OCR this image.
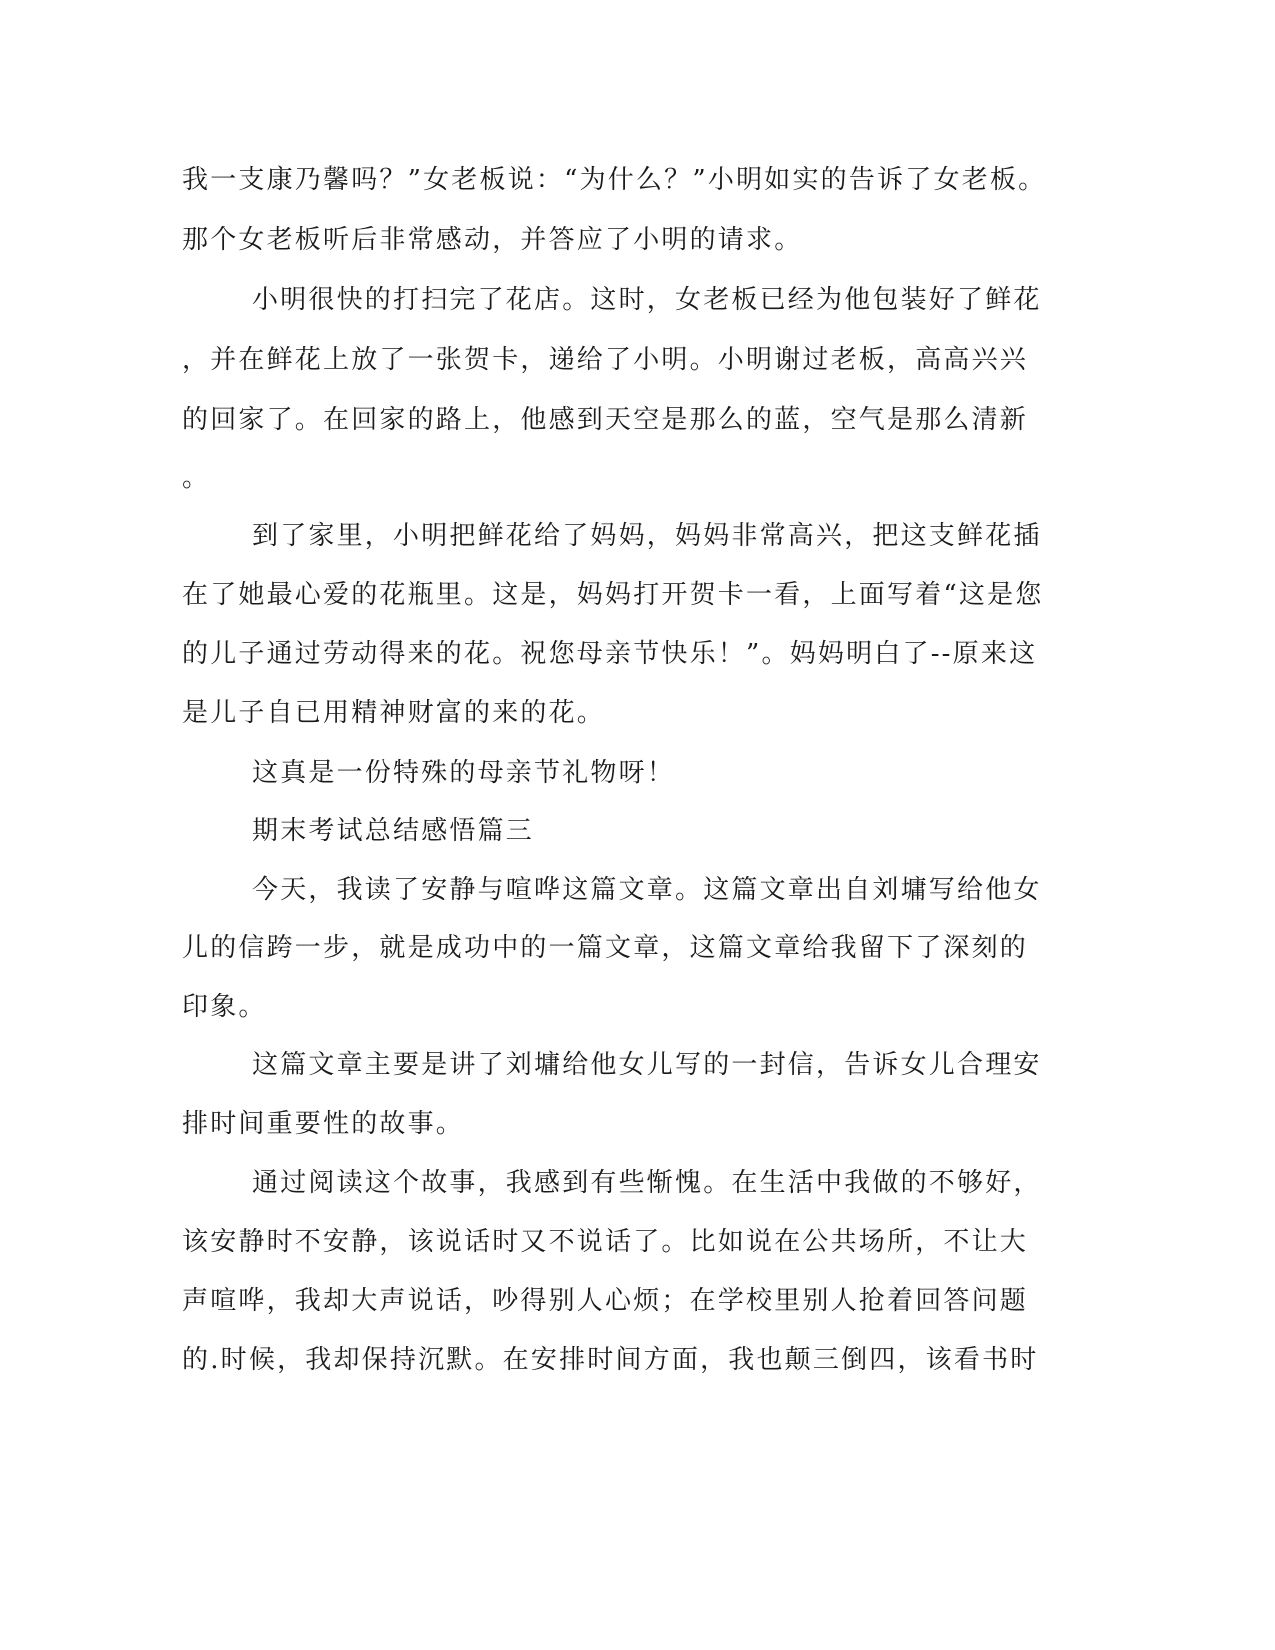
我一支康乃馨吗？”女老板说：“为什么？”小明如实的告诉了女老板。

那个女老板听后非常感动，并答应了小明的请求。

小明很快的打扫完了花店。这时，女老板已经为他包装好了鲜花

，并在鲜花上放了一张贺卡，递给了小明。小明谢过老板，高高兴兴

的回家了。在回家的路上，他感到天空是那么的蓝，空气是那么清新

。

到了家里，小明把鲜花给了妈妈，妈妈非常高兴，把这支鲜花插

在了她最心爱的花瓶里。这是，妈妈打开贺卡一看，上面写着“这是您

的儿子通过劳动得来的花。祝您母亲节快乐！”。妈妈明白了--原来这

是儿子自已用精神财富的来的花。

这真是一份特殊的母亲节礼物呀！

期末考试总结感悟篇三

今天，我读了安静与喧哗这篇文章。这篇文章出自刘墉写给他女

儿的信跨一步，就是成功中的一篇文章，这篇文章给我留下了深刻的

印象。

这篇文章主要是讲了刘墉给他女儿写的一封信，告诉女儿合理安

排时间重要性的故事。

通过阅读这个故事，我感到有些惭愧。在生活中我做的不够好，

该安静时不安静，该说话时又不说话了。比如说在公共场所，不让大

声喧哗，我却大声说话，吵得别人心烦；在学校里别人抢着回答问题

的.时候，我却保持沉默。在安排时间方面，我也颠三倒四，该看书时
